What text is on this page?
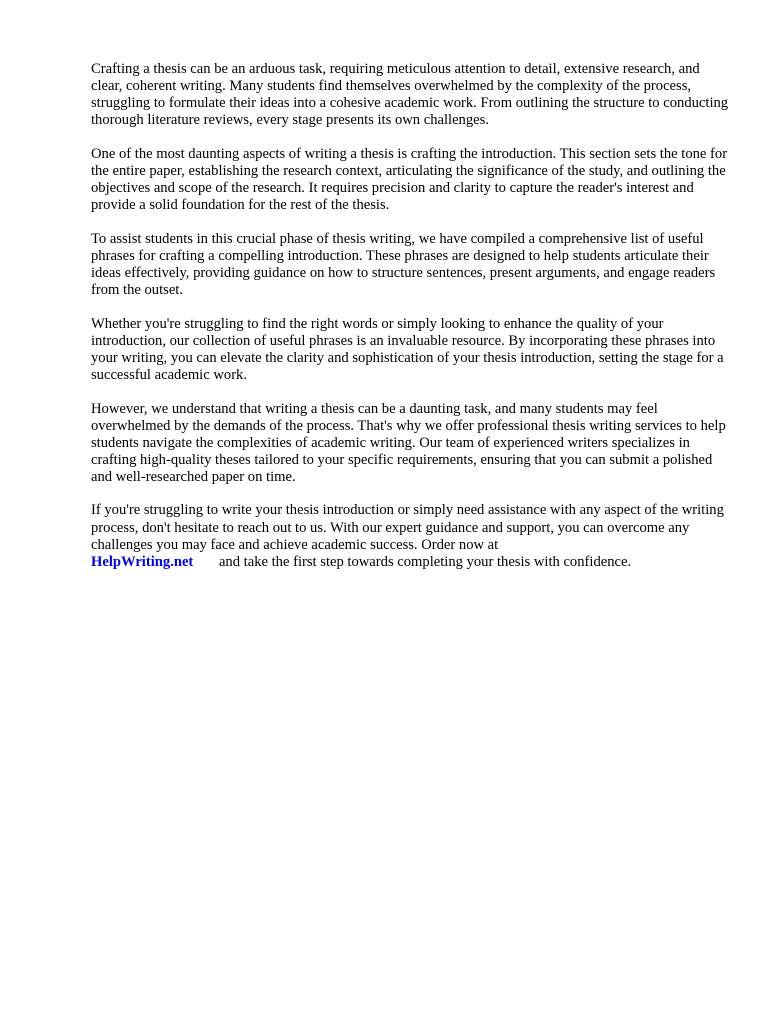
Crafting a thesis can be an arduous task, requiring meticulous attention to detail, extensive research, and clear, coherent writing. Many students find themselves overwhelmed by the complexity of the process, struggling to formulate their ideas into a cohesive academic work. From outlining the structure to conducting thorough literature reviews, every stage presents its own challenges.

One of the most daunting aspects of writing a thesis is crafting the introduction. This section sets the tone for the entire paper, establishing the research context, articulating the significance of the study, and outlining the objectives and scope of the research. It requires precision and clarity to capture the reader's interest and provide a solid foundation for the rest of the thesis.

To assist students in this crucial phase of thesis writing, we have compiled a comprehensive list of useful phrases for crafting a compelling introduction. These phrases are designed to help students articulate their ideas effectively, providing guidance on how to structure sentences, present arguments, and engage readers from the outset.

Whether you're struggling to find the right words or simply looking to enhance the quality of your introduction, our collection of useful phrases is an invaluable resource. By incorporating these phrases into your writing, you can elevate the clarity and sophistication of your thesis introduction, setting the stage for a successful academic work.

However, we understand that writing a thesis can be a daunting task, and many students may feel overwhelmed by the demands of the process. That's why we offer professional thesis writing services to help students navigate the complexities of academic writing. Our team of experienced writers specializes in crafting high-quality theses tailored to your specific requirements, ensuring that you can submit a polished and well-researched paper on time.

If you're struggling to write your thesis introduction or simply need assistance with any aspect of the writing process, don't hesitate to reach out to us. With our expert guidance and support, you can overcome any challenges you may face and achieve academic success. Order now at
HelpWriting.net and take the first step towards completing your thesis with confidence.
